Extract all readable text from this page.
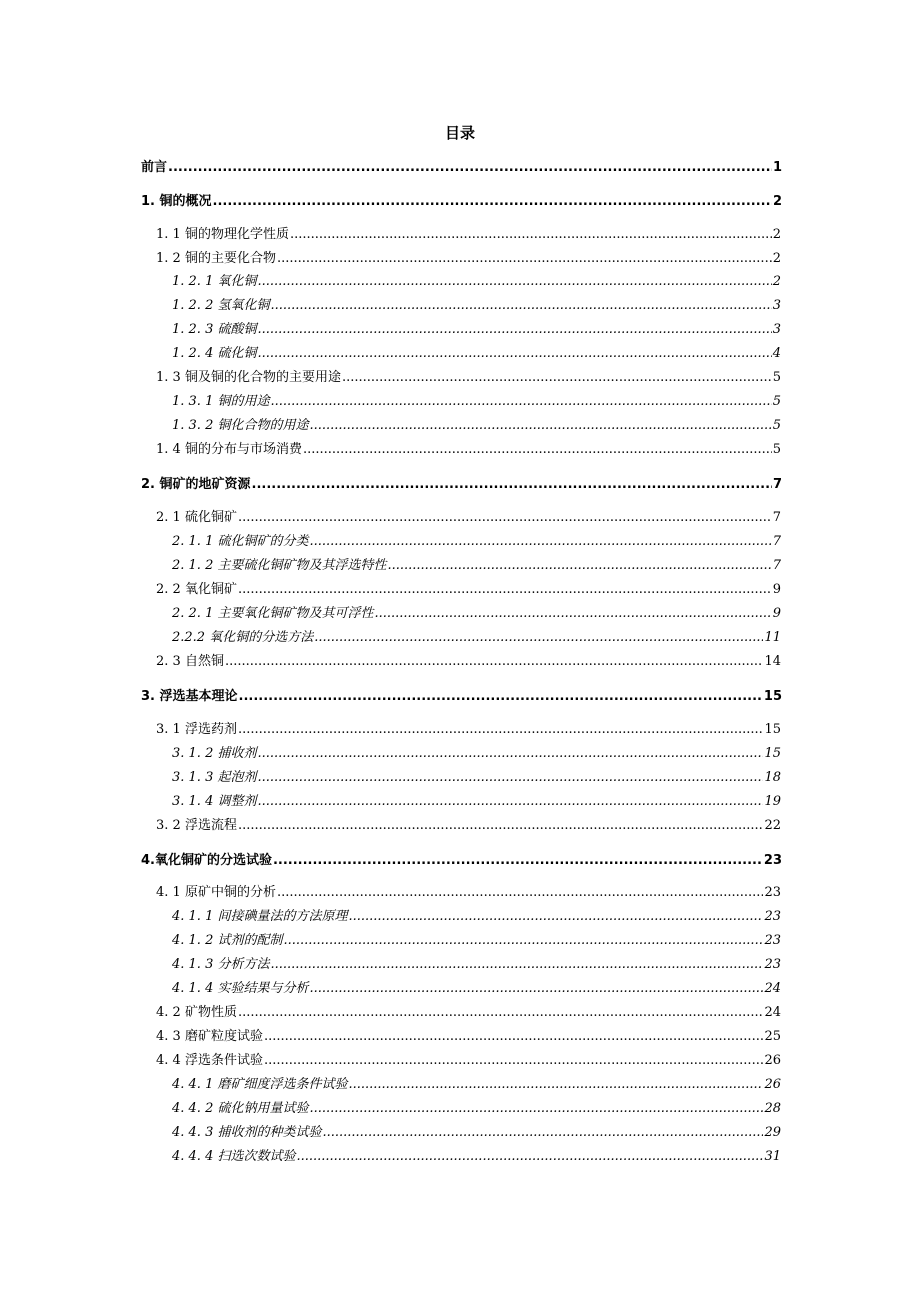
目录
前言 .....	1
1. 铜的概况 .....	2
1. 1 铜的物理化学性质 .....	2
1. 2 铜的主要化合物 .....	2
1. 2. 1 氧化铜 .....	2
1. 2. 2 氢氧化铜 .....	3
1. 2. 3 硫酸铜 .....	3
1. 2. 4 硫化铜 .....	4
1. 3 铜及铜的化合物的主要用途 .....	5
1. 3. 1 铜的用途 .....	5
1. 3. 2 铜化合物的用途 .....	5
1. 4 铜的分布与市场消费 .....	5
2. 铜矿的地矿资源 .....	7
2. 1 硫化铜矿 .....	7
2. 1. 1 硫化铜矿的分类 .....	7
2. 1. 2 主要硫化铜矿物及其浮选特性 .....	7
2. 2 氧化铜矿 .....	9
2. 2. 1 主要氧化铜矿物及其可浮性 .....	9
2.2.2 氧化铜的分选方法 .....	11
2. 3 自然铜 .....	14
3. 浮选基本理论 .....	15
3. 1 浮选药剂 .....	15
3. 1. 2 捕收剂 .....	15
3. 1. 3 起泡剂 .....	18
3. 1. 4 调整剂 .....	19
3. 2 浮选流程 .....	22
4.氧化铜矿的分选试验 .....	23
4. 1 原矿中铜的分析 .....	23
4. 1. 1 间接碘量法的方法原理 .....	23
4. 1. 2 试剂的配制 .....	23
4. 1. 3 分析方法 .....	23
4. 1. 4 实验结果与分析 .....	24
4. 2 矿物性质 .....	24
4. 3 磨矿粒度试验 .....	25
4. 4 浮选条件试验 .....	26
4. 4. 1 磨矿细度浮选条件试验 .....	26
4. 4. 2 硫化钠用量试验 .....	28
4. 4. 3 捕收剂的种类试验 .....	29
4. 4. 4 扫选次数试验 .....	31
